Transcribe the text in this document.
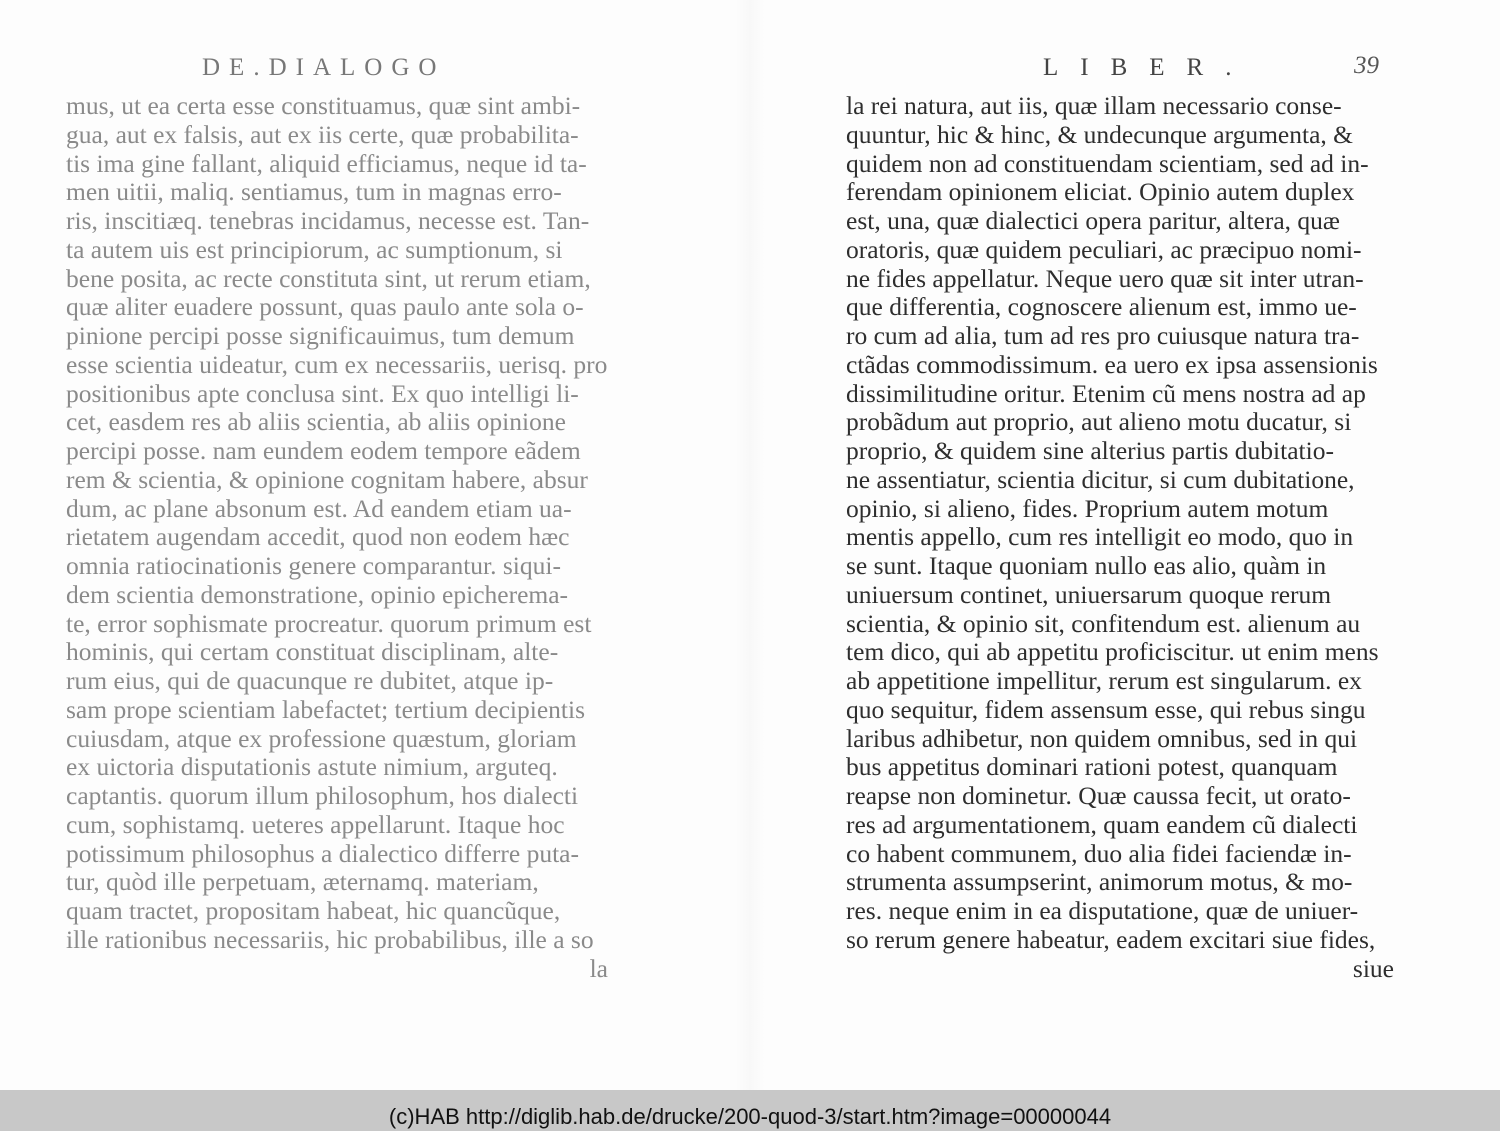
DE.DIALOGO
mus, ut ea certa esse constituamus, quæ sint ambi-
gua, aut ex falsis, aut ex iis certe, quæ probabilita-
tis ima gine fallant, aliquid efficiamus, neque id ta-
men uitii, maliq. sentiamus, tum in magnas erro-
ris, inscitiæq. tenebras incidamus, necesse est. Tan-
ta autem uis est principiorum, ac sumptionum, si
bene posita, ac recte constituta sint, ut rerum etiam,
quæ aliter euadere possunt, quas paulo ante sola o-
pinione percipi posse significauimus, tum demum
esse scientia uideatur, cum ex necessariis, uerisq. pro
positionibus apte conclusa sint. Ex quo intelligi li-
cet, easdem res ab aliis scientia, ab aliis opinione
percipi posse. nam eundem eodem tempore eãdem
rem & scientia, & opinione cognitam habere, absur
dum, ac plane absonum est. Ad eandem etiam ua-
rietatem augendam accedit, quod non eodem hæc
omnia ratiocinationis genere comparantur. siqui-
dem scientia demonstratione, opinio epicherema-
te, error sophismate procreatur. quorum primum est
hominis, qui certam constituat disciplinam, alte-
rum eius, qui de quacunque re dubitet, atque ip-
sam prope scientiam labefactet; tertium decipientis
cuiusdam, atque ex professione quæstum, gloriam
ex uictoria disputationis astute nimium, arguteq.
captantis. quorum illum philosophum, hos dialecti
cum, sophistamq. ueteres appellarunt. Itaque hoc
potissimum philosophus a dialectico differre puta-
tur, quòd ille perpetuam, æternamq. materiam,
quam tractet, propositam habeat, hic quancũque,
ille rationibus necessariis, hic probabilibus, ille a so
la
LIBER.	39
la rei natura, aut iis, quæ illam necessario conse-
quuntur, hic & hinc, & undecunque argumenta, &
quidem non ad constituendam scientiam, sed ad in-
ferendam opinionem eliciat. Opinio autem duplex
est, una, quæ dialectici opera paritur, altera, quæ
oratoris, quæ quidem peculiari, ac præcipuo nomi-
ne fides appellatur. Neque uero quæ sit inter utran-
que differentia, cognoscere alienum est, immo ue-
ro cum ad alia, tum ad res pro cuiusque natura tra-
ctãdas commodissimum. ea uero ex ipsa assensionis
dissimilitudine oritur. Etenim cũ mens nostra ad ap
probãdum aut proprio, aut alieno motu ducatur, si
proprio, & quidem sine alterius partis dubitatio-
ne assentiatur, scientia dicitur, si cum dubitatione,
opinio, si alieno, fides. Proprium autem motum
mentis appello, cum res intelligit eo modo, quo in
se sunt. Itaque quoniam nullo eas alio, quàm in
uniuersum continet, uniuersarum quoque rerum
scientia, & opinio sit, confitendum est. alienum au
tem dico, qui ab appetitu proficiscitur. ut enim mens
ab appetitione impellitur, rerum est singularum. ex
quo sequitur, fidem assensum esse, qui rebus singu
laribus adhibetur, non quidem omnibus, sed in qui
bus appetitus dominari rationi potest, quanquam
reapse non dominetur. Quæ caussa fecit, ut orato-
res ad argumentationem, quam eandem cũ dialecti
co habent communem, duo alia fidei faciendæ in-
strumenta assumpserint, animorum motus, & mo-
res. neque enim in ea disputatione, quæ de uniuer-
so rerum genere habeatur, eadem excitari siue fides,
siue
(c)HAB http://diglib.hab.de/drucke/200-quod-3/start.htm?image=00000044
